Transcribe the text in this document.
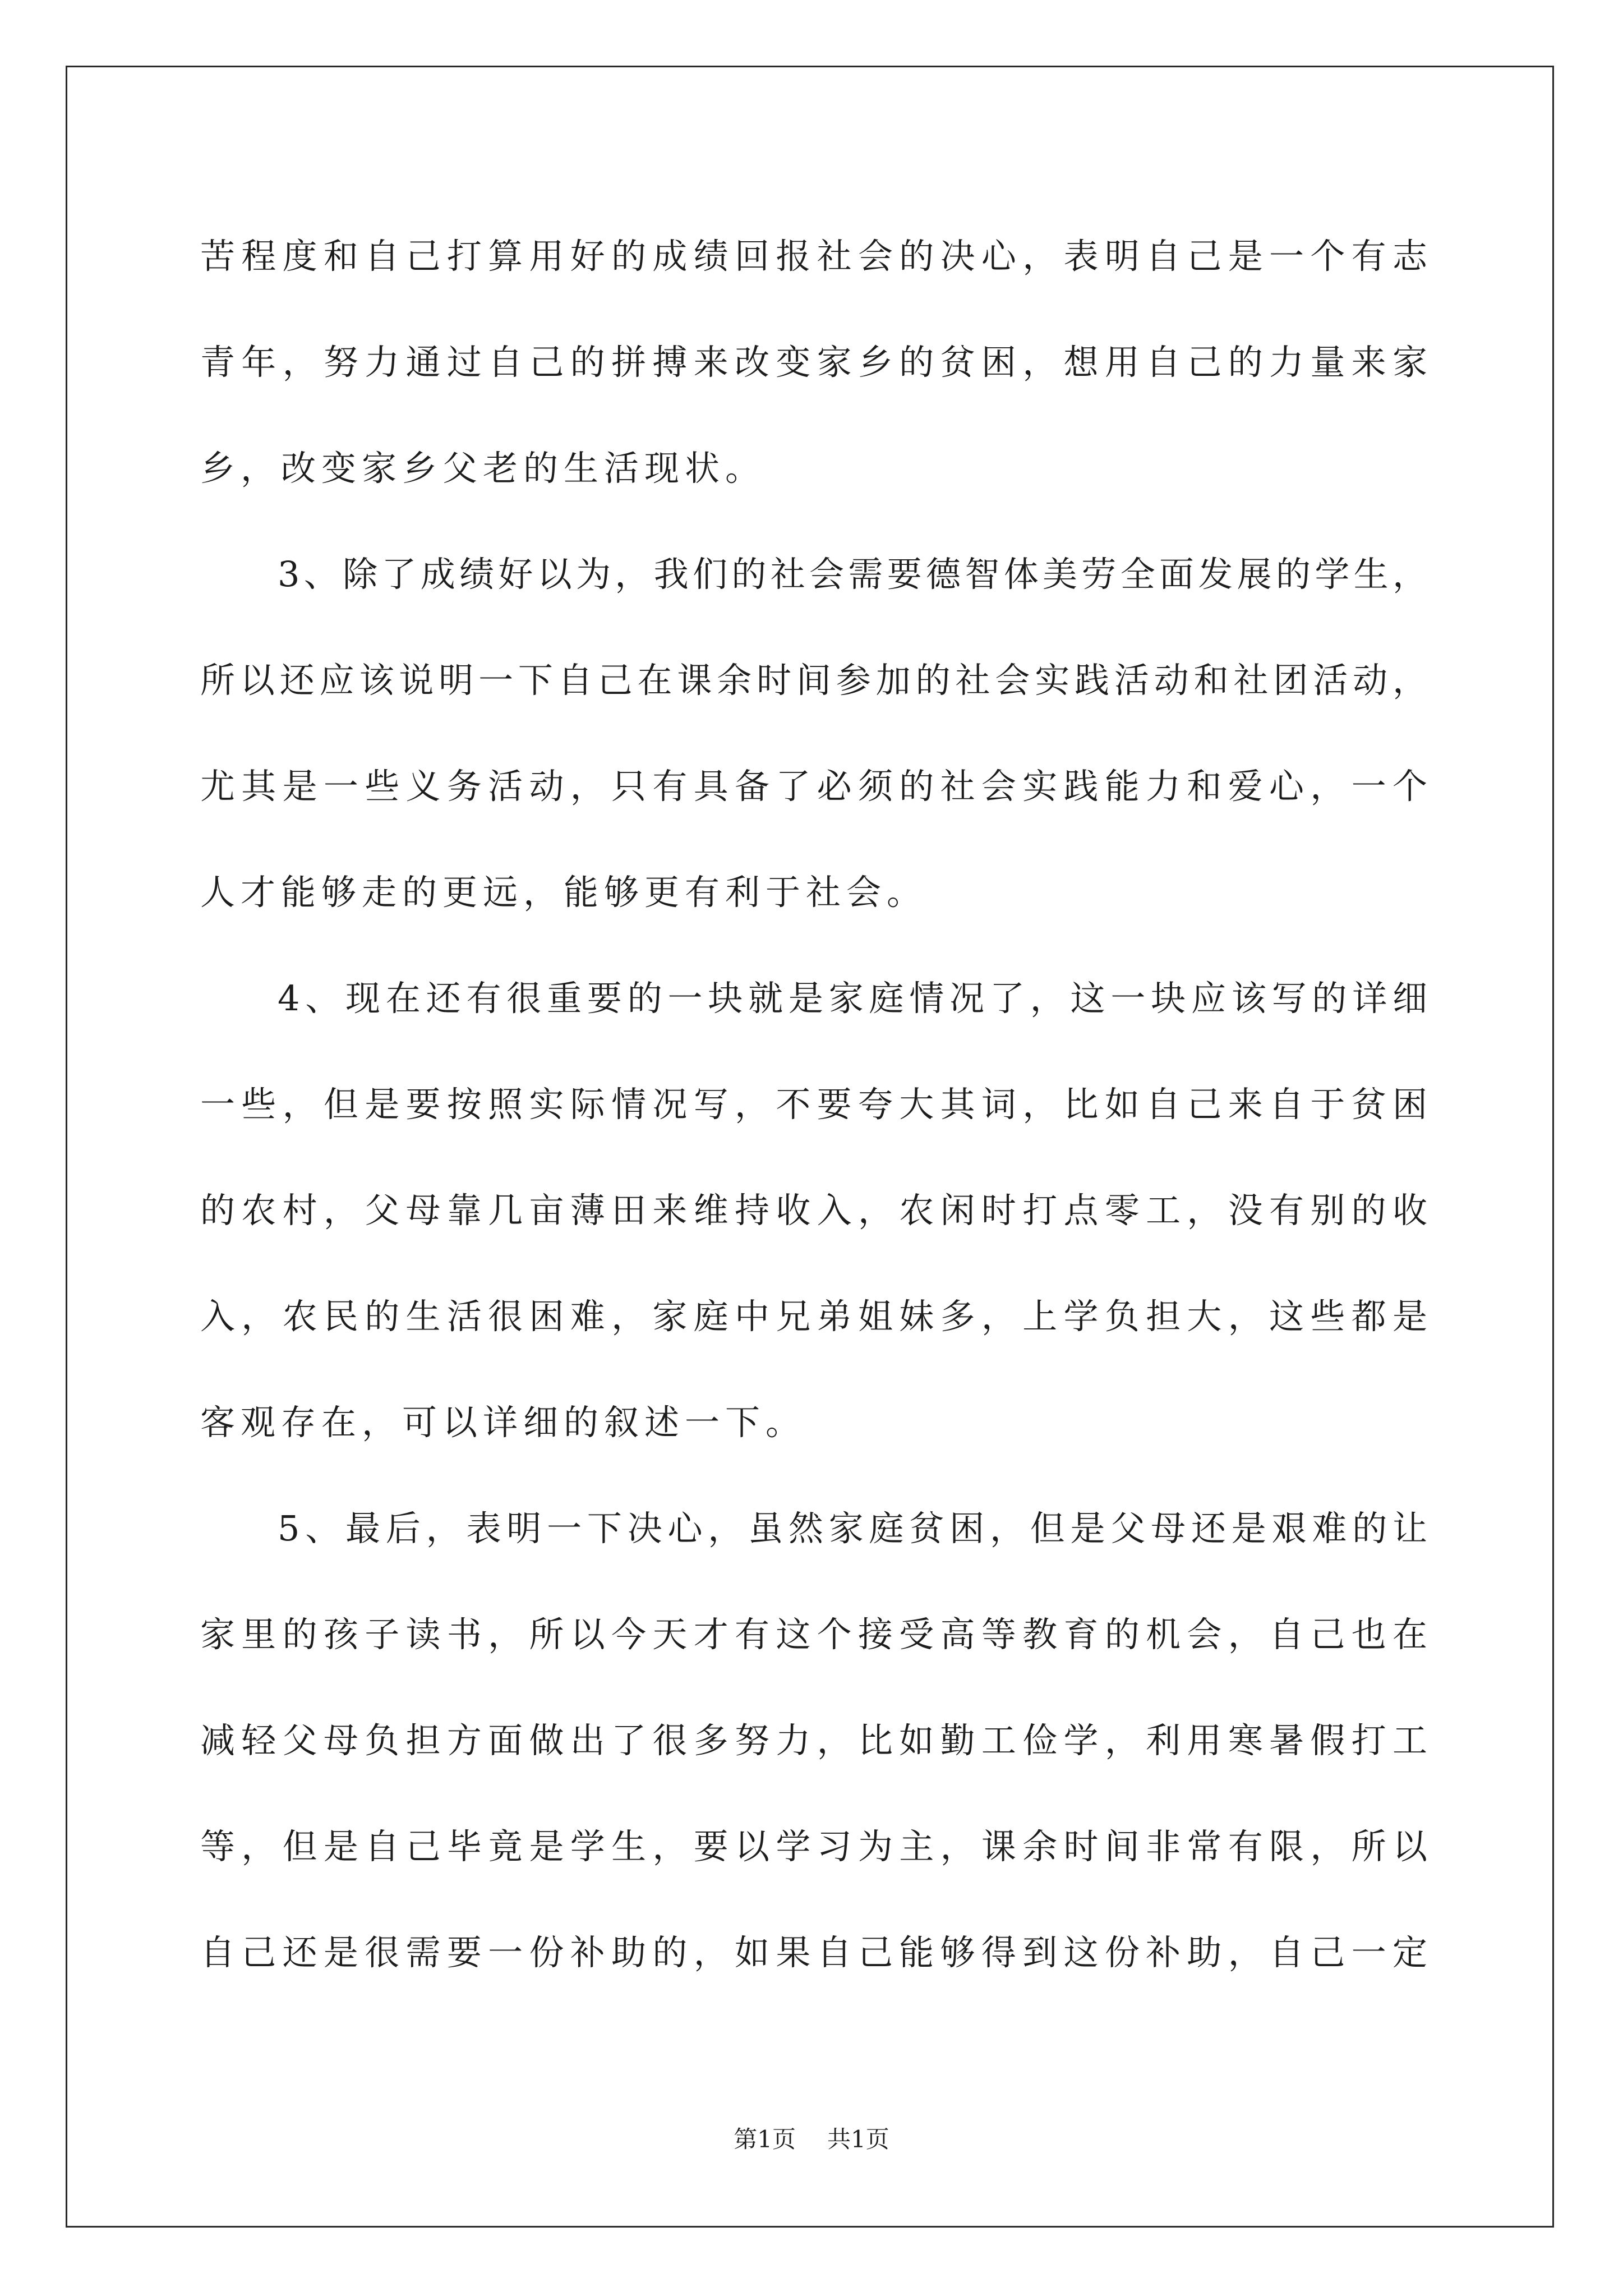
苦程度和自己打算用好的成绩回报社会的决心，表明自己是一个有志
青年，努力通过自己的拼搏来改变家乡的贫困，想用自己的力量来家
乡，改变家乡父老的生活现状。
3、除了成绩好以为，我们的社会需要德智体美劳全面发展的学生，
所以还应该说明一下自己在课余时间参加的社会实践活动和社团活动，
尤其是一些义务活动，只有具备了必须的社会实践能力和爱心，一个
人才能够走的更远，能够更有利于社会。
4、现在还有很重要的一块就是家庭情况了，这一块应该写的详细
一些，但是要按照实际情况写，不要夸大其词，比如自己来自于贫困
的农村，父母靠几亩薄田来维持收入，农闲时打点零工，没有别的收
入，农民的生活很困难，家庭中兄弟姐妹多，上学负担大，这些都是
客观存在，可以详细的叙述一下。
5、最后，表明一下决心，虽然家庭贫困，但是父母还是艰难的让
家里的孩子读书，所以今天才有这个接受高等教育的机会，自己也在
减轻父母负担方面做出了很多努力，比如勤工俭学，利用寒暑假打工
等，但是自己毕竟是学生，要以学习为主，课余时间非常有限，所以
自己还是很需要一份补助的，如果自己能够得到这份补助，自己一定
第1页 共1页
